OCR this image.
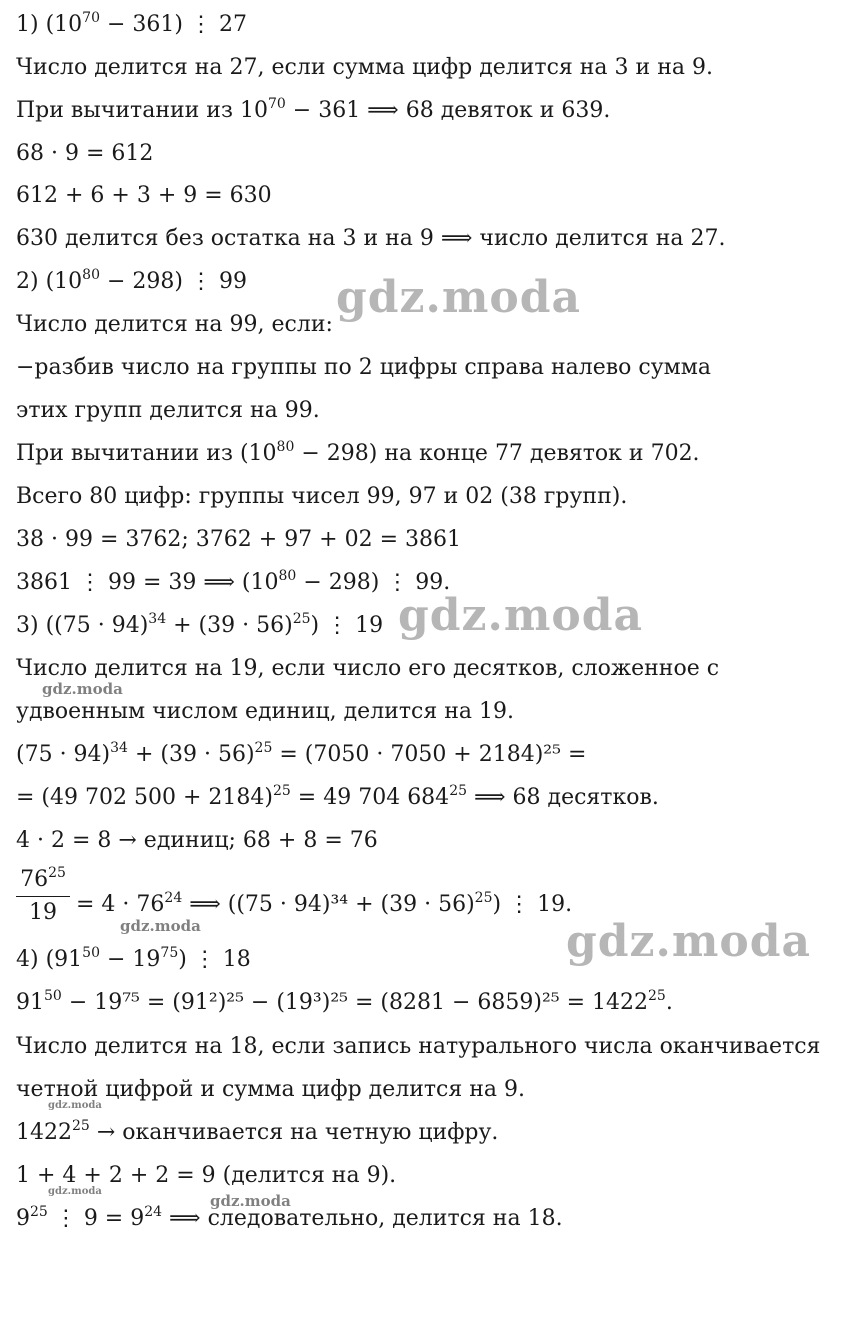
1) $(10^{70} - 361)$ ⋮ 27
Число делится на 27, если сумма цифр делится на 3 и на 9.
При вычитании из $10^{70} - 361$ ⟹ 68 девяток и 639.
68 · 9 = 612
612 + 6 + 3 + 9 = 630
630 делится без остатка на 3 и на 9 ⟹ число делится на 27.
2) $(10^{80} - 298)$ ⋮ 99
Число делится на 99, если:
−разбив число на группы по 2 цифры справа налево сумма
этих групп делится на 99.
При вычитании из $(10^{80} - 298)$ на конце 77 девяток и 702.
Всего 80 цифр: группы чисел 99, 97 и 02 (38 групп).
38 · 99 = 3762; 3762 + 97 + 02 = 3861
3861 ⋮ 99 = 39 ⟹ $(10^{80} - 298)$ ⋮ 99.
3) $((75 \cdot 94)^{34} + (39 \cdot 56)^{25})$ ⋮ 19
Число делится на 19, если число его десятков, сложенное с
удвоенным числом единиц, делится на 19.
$(75 \cdot 94)^{34} + (39 \cdot 56)^{25} = (7050 \cdot 7050 + 2184)^{25}$ =
= (49 702 500 + 2184)$^{25}$ = 49 704 $684^{25}$ ⟹ 68 десятков.
4 · 2 = 8 → единиц; 68 + 8 = 76
$\frac{76^{25}}{19} = 4 \cdot 76^{24}$ ⟹ $((75 \cdot 94)^{34} + (39 \cdot 56)^{25})$ ⋮ 19.
4) $(91^{50} - 19^{75})$ ⋮ 18
$91^{50} - 19^{75} = (91^2)^{25} - (19^3)^{25} = (8281 - 6859)^{25} = 1422^{25}$.
Число делится на 18, если запись натурального числа оканчивается
четной цифрой и сумма цифр делится на 9.
$1422^{25}$ → оканчивается на четную цифру.
1 + 4 + 2 + 2 = 9 (делится на 9).
$9^{25}$ ⋮ $9 = 9^{24}$ ⟹ следовательно, делится на 18.
gdz.moda
gdz.moda
gdz.moda
gdz.moda
gdz.moda
gdz.moda
gdz.moda
gdz.moda
